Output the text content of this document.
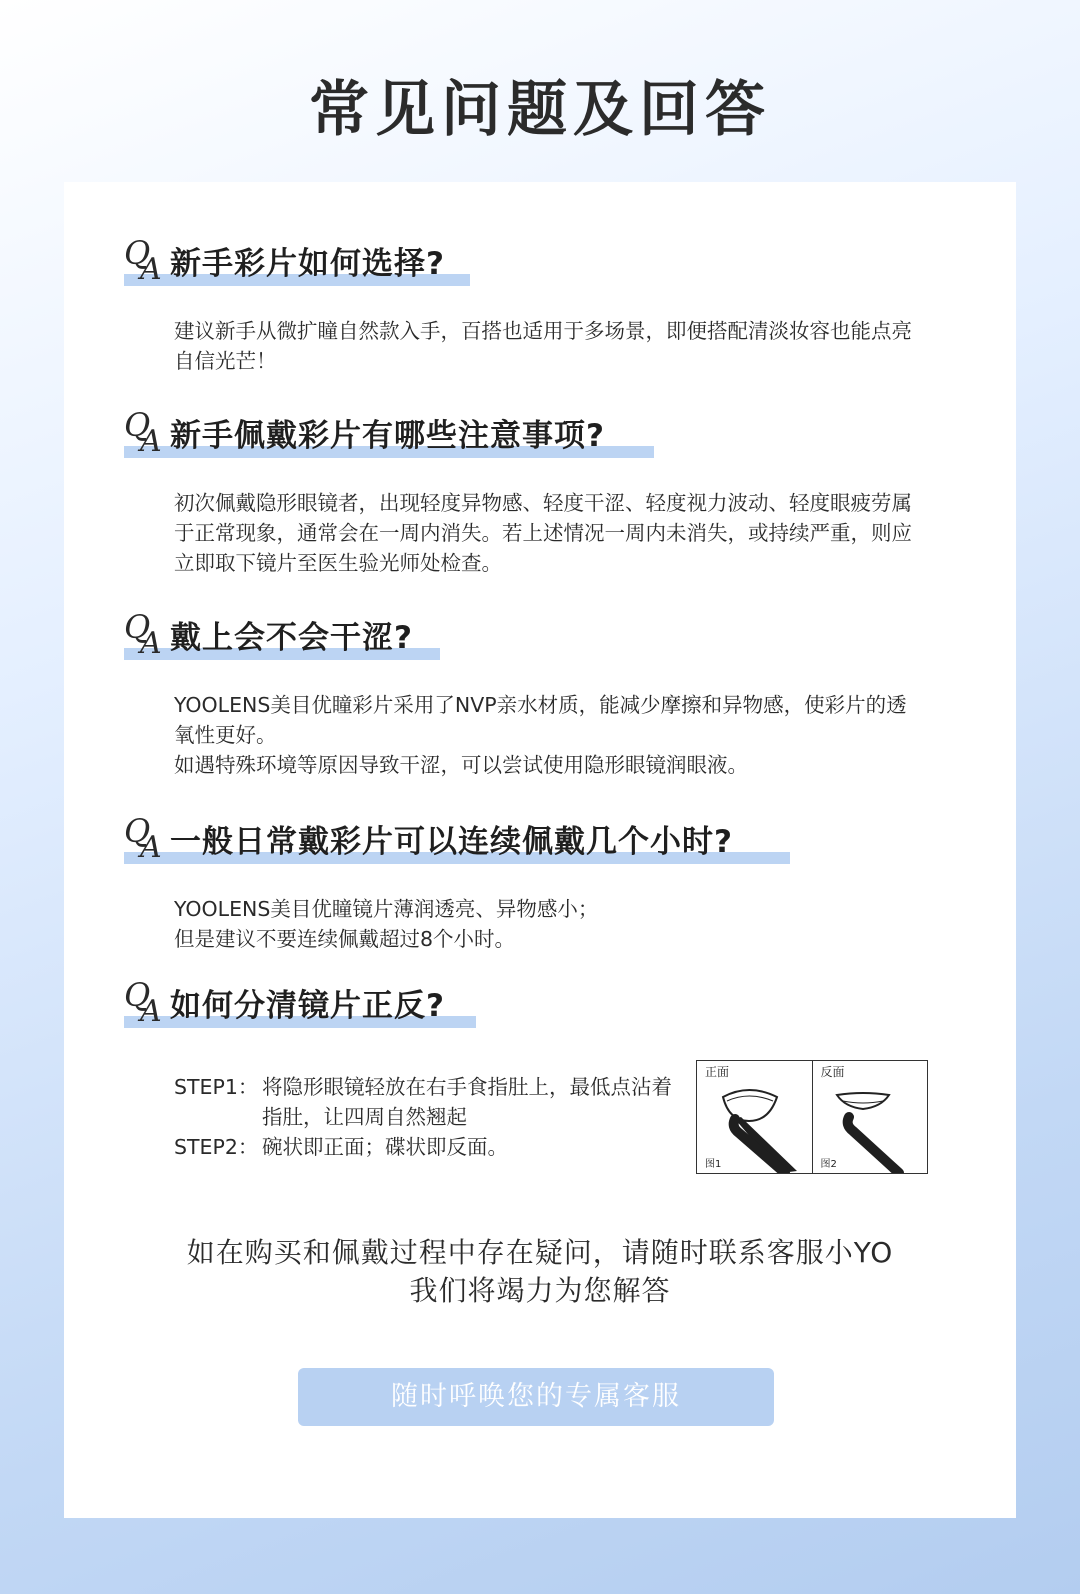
常见问题及回答
Q
A 新手彩片如何选择?

建议新手从微扩瞳自然款入手，百搭也适用于多场景，即便搭配清淡妆容也能点亮自信光芒！

Q
A 新手佩戴彩片有哪些注意事项?

初次佩戴隐形眼镜者，出现轻度异物感、轻度干涩、轻度视力波动、轻度眼疲劳属于正常现象，通常会在一周内消失。若上述情况一周内未消失，或持续严重，则应立即取下镜片至医生验光师处检查。

Q
A 戴上会不会干涩?

YOOLENS美目优瞳彩片采用了NVP亲水材质，能减少摩擦和异物感，使彩片的透氧性更好。

如遇特殊环境等原因导致干涩，可以尝试使用隐形眼镜润眼液。

Q
A 一般日常戴彩片可以连续佩戴几个小时?

YOOLENS美目优瞳镜片薄润透亮、异物感小；

但是建议不要连续佩戴超过8个小时。

Q
A 如何分清镜片正反?
STEP1： 将隐形眼镜轻放在右手食指肚上，最低点沾着指肚，让四周自然翘起
STEP2： 碗状即正面；碟状即反面。
正面
图1
反面
图2

如在购买和佩戴过程中存在疑问，请随时联系客服小YO

我们将竭力为您解答

随时呼唤您的专属客服
